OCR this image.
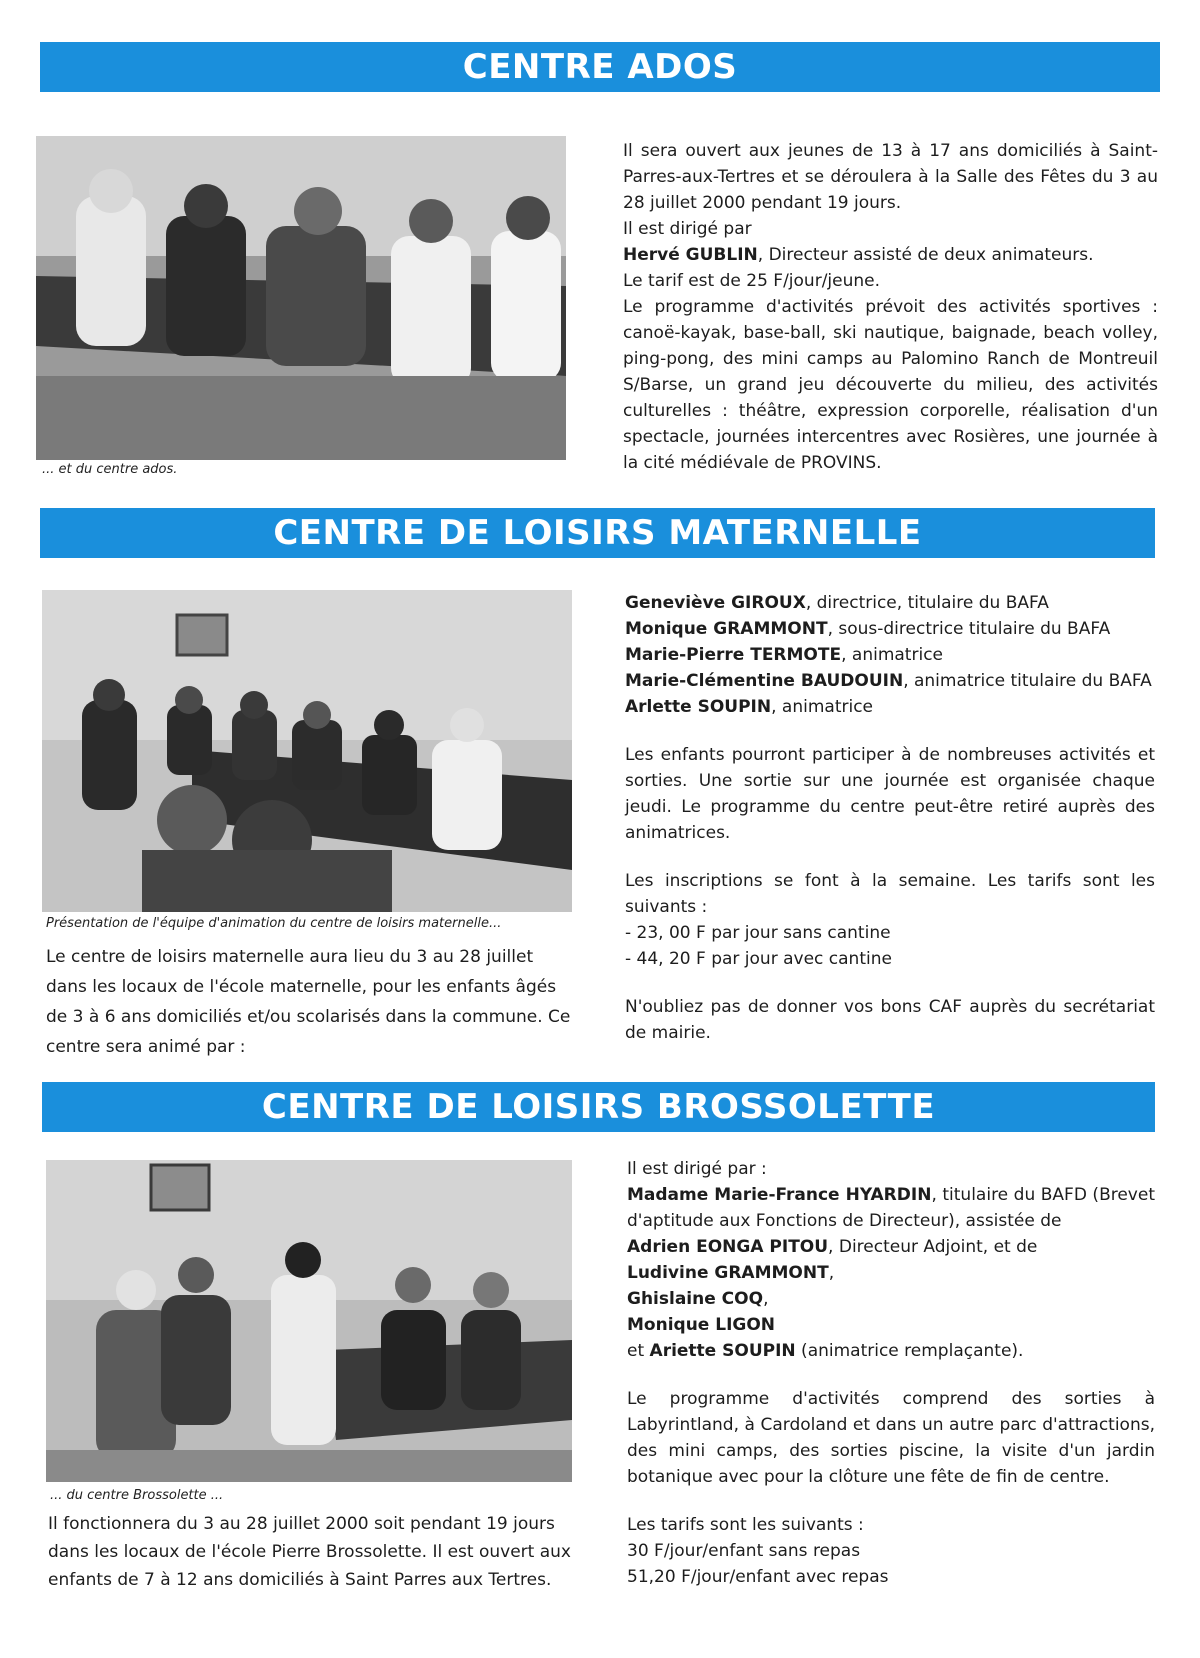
CENTRE ADOS
... et du centre ados.

Il sera ouvert aux jeunes de 13 à 17 ans domiciliés à Saint-Parres-aux-Tertres et se déroulera à la Salle des Fêtes du 3 au 28 juillet 2000 pendant 19 jours.

Il est dirigé par

Hervé GUBLIN, Directeur assisté de deux animateurs.

Le tarif est de 25 F/jour/jeune.

Le programme d'activités prévoit des activités sportives : canoë-kayak, base-ball, ski nautique, baignade, beach volley, ping-pong, des mini camps au Palomino Ranch de Montreuil S/Barse, un grand jeu découverte du milieu, des activités culturelles : théâtre, expression corporelle, réalisation d'un spectacle, journées intercentres avec Rosières, une journée à la cité médiévale de PROVINS.

CENTRE DE LOISIRS MATERNELLE
Présentation de l'équipe d'animation du centre de loisirs maternelle...
Le centre de loisirs maternelle aura lieu du 3 au 28 juillet dans les locaux de l'école maternelle, pour les enfants âgés de 3 à 6 ans domiciliés et/ou scolarisés dans la commune. Ce centre sera animé par :

Geneviève GIROUX, directrice, titulaire du BAFA

Monique GRAMMONT, sous-directrice titulaire du BAFA

Marie-Pierre TERMOTE, animatrice

Marie-Clémentine BAUDOUIN, animatrice titulaire du BAFA

Arlette SOUPIN, animatrice

Les enfants pourront participer à de nombreuses activités et sorties. Une sortie sur une journée est organisée chaque jeudi. Le programme du centre peut-être retiré auprès des animatrices.

Les inscriptions se font à la semaine. Les tarifs sont les suivants :

- 23, 00 F par jour sans cantine

- 44, 20 F par jour avec cantine

N'oubliez pas de donner vos bons CAF auprès du secrétariat de mairie.

CENTRE DE LOISIRS BROSSOLETTE
... du centre Brossolette ...
Il fonctionnera du 3 au 28 juillet 2000 soit pendant 19 jours dans les locaux de l'école Pierre Brossolette. Il est ouvert aux enfants de 7 à 12 ans domiciliés à Saint Parres aux Tertres.

Il est dirigé par :

Madame Marie-France HYARDIN, titulaire du BAFD (Brevet d'aptitude aux Fonctions de Directeur), assistée de

Adrien EONGA PITOU, Directeur Adjoint, et de

Ludivine GRAMMONT,

Ghislaine COQ,

Monique LIGON

et Ariette SOUPIN (animatrice remplaçante).

Le programme d'activités comprend des sorties à Labyrintland, à Cardoland et dans un autre parc d'attractions, des mini camps, des sorties piscine, la visite d'un jardin botanique avec pour la clôture une fête de fin de centre.

Les tarifs sont les suivants :

30 F/jour/enfant sans repas

51,20 F/jour/enfant avec repas
